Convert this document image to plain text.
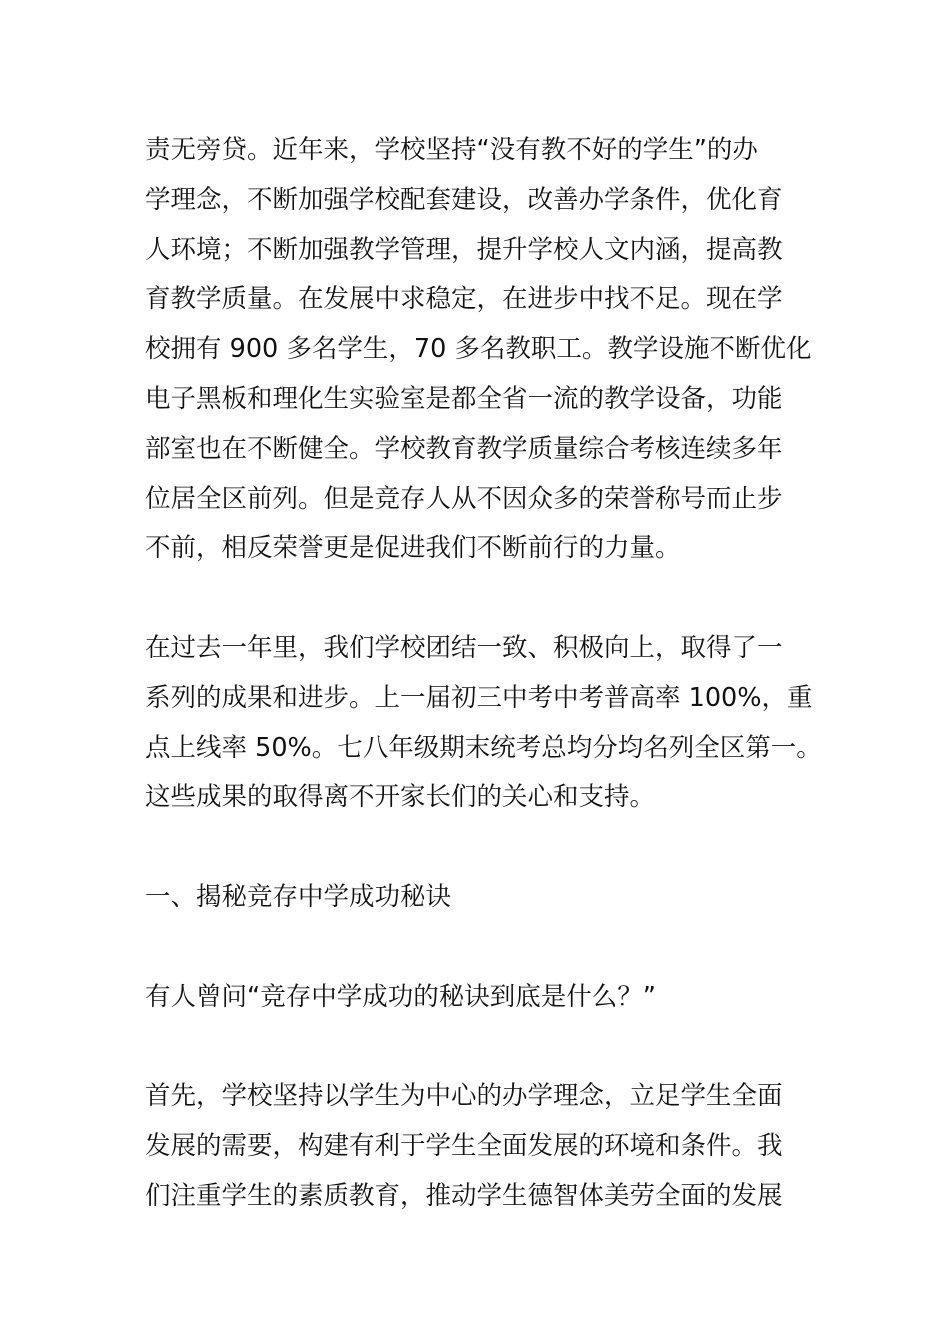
责无旁贷。近年来，学校坚持“没有教不好的学生”的办
学理念，不断加强学校配套建设，改善办学条件，优化育
人环境；不断加强教学管理，提升学校人文内涵，提高教
育教学质量。在发展中求稳定，在进步中找不足。现在学
校拥有 900 多名学生，70 多名教职工。教学设施不断优化
电子黑板和理化生实验室是都全省一流的教学设备，功能
部室也在不断健全。学校教育教学质量综合考核连续多年
位居全区前列。但是竞存人从不因众多的荣誉称号而止步
不前，相反荣誉更是促进我们不断前行的力量。
在过去一年里，我们学校团结一致、积极向上，取得了一
系列的成果和进步。上一届初三中考中考普高率 100%，重
点上线率 50%。七八年级期末统考总均分均名列全区第一。
这些成果的取得离不开家长们的关心和支持。
一、揭秘竞存中学成功秘诀
有人曾问“竞存中学成功的秘诀到底是什么？”
首先，学校坚持以学生为中心的办学理念，立足学生全面
发展的需要，构建有利于学生全面发展的环境和条件。我
们注重学生的素质教育，推动学生德智体美劳全面的发展
